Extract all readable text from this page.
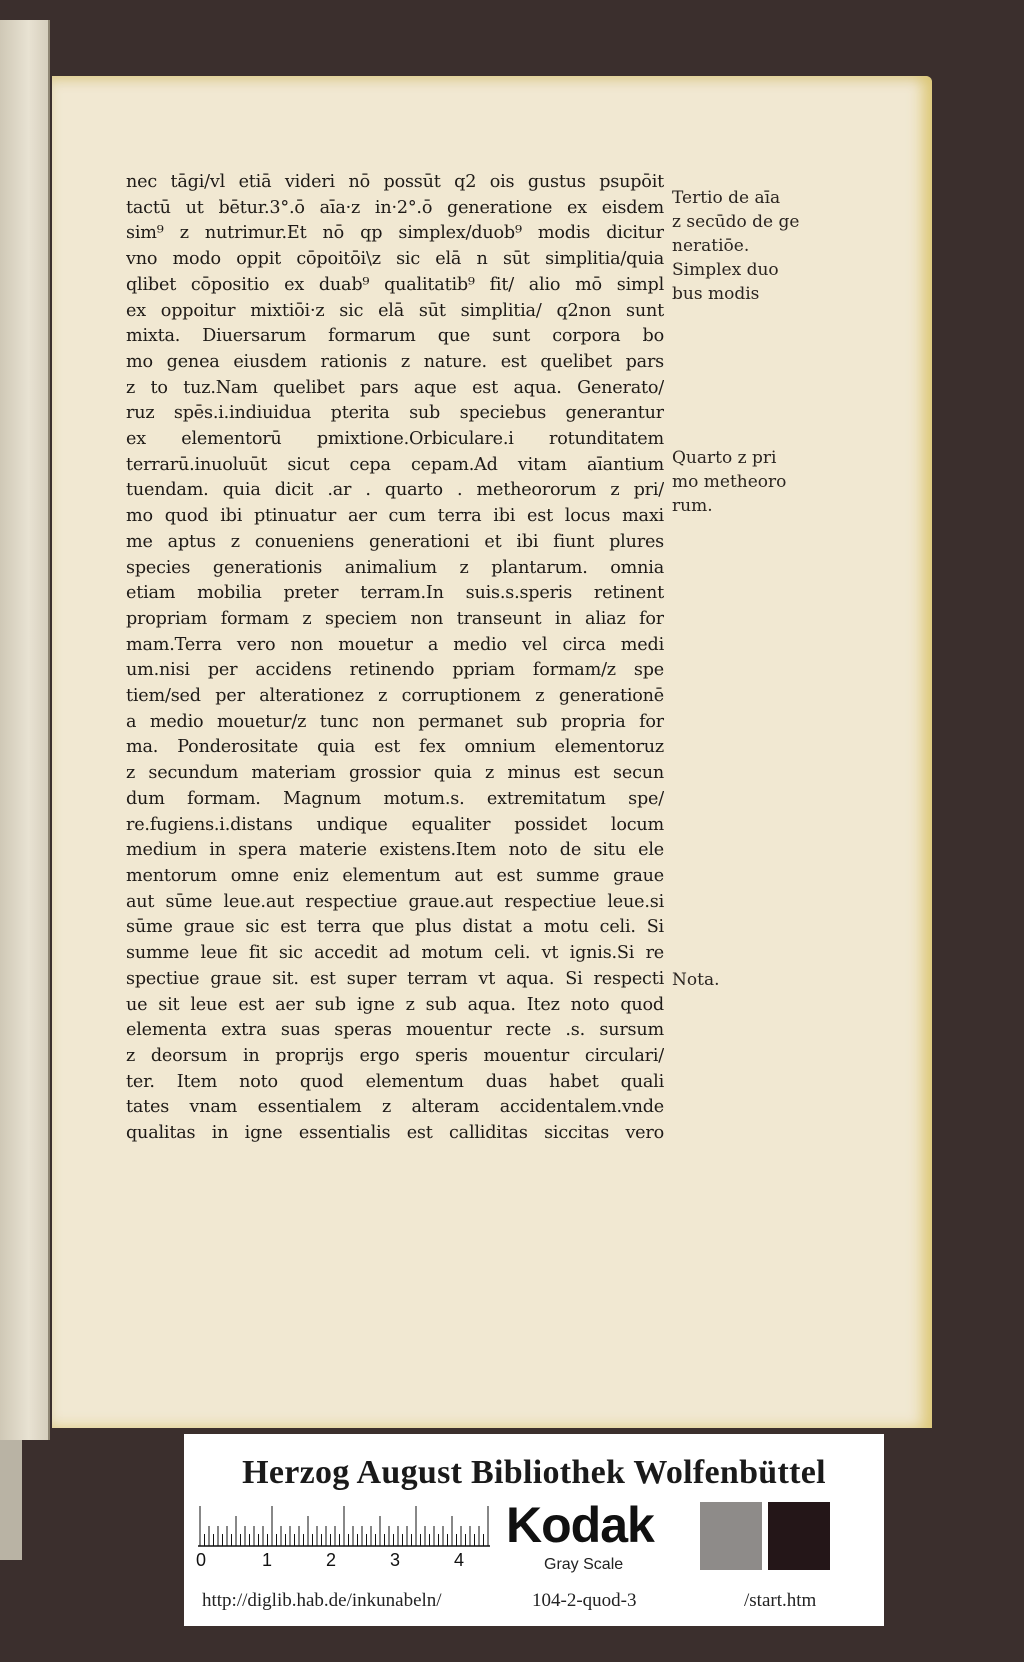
nec tāgi/vl etiā videri nō possūt q2 ois gustus psupōit
tactū ut bētur.3°.ō aīa·z in·2°.ō generatione ex eisdem
sim⁹ z nutrimur.Et nō qp simplex/duob⁹ modis dicitur
vno modo oppit cōpoitōi\z sic elā n sūt simplitia/quia
qlibet cōpositio ex duab⁹ qualitatib⁹ fit/ alio mō simpl
ex oppoitur mixtiōi·z sic elā sūt simplitia/ q2non sunt
mixta. Diuersarum formarum que sunt corpora bo
mo genea eiusdem rationis z nature. est quelibet pars
z to tuz.Nam quelibet pars aque est aqua. Generato/
ruz spēs.i.indiuidua pterita sub speciebus generantur
ex elementorū pmixtione.Orbiculare.i rotunditatem
terrarū.inuoluūt sicut cepa cepam.Ad vitam aīantium
tuendam. quia dicit .ar . quarto . metheororum z pri/
mo quod ibi ptinuatur aer cum terra ibi est locus maxi
me aptus z conueniens generationi et ibi fiunt plures
species generationis animalium z plantarum. omnia
etiam mobilia preter terram.In suis.s.speris retinent
propriam formam z speciem non transeunt in aliaz for
mam.Terra vero non mouetur a medio vel circa medi
um.nisi per accidens retinendo ppriam formam/z spe
tiem/sed per alterationez z corruptionem z generationē
a medio mouetur/z tunc non permanet sub propria for
ma. Ponderositate quia est fex omnium elementoruz
z secundum materiam grossior quia z minus est secun
dum formam. Magnum motum.s. extremitatum spe/
re.fugiens.i.distans undique equaliter possidet locum
medium in spera materie existens.Item noto de situ ele
mentorum omne eniz elementum aut est summe graue
aut sūme leue.aut respectiue graue.aut respectiue leue.si
sūme graue sic est terra que plus distat a motu celi. Si
summe leue fit sic accedit ad motum celi. vt ignis.Si re
spectiue graue sit. est super terram vt aqua. Si respecti
ue sit leue est aer sub igne z sub aqua. Itez noto quod
elementa extra suas speras mouentur recte .s. sursum
z deorsum in proprijs ergo speris mouentur circulari/
ter. Item noto quod elementum duas habet quali
tates vnam essentialem z alteram accidentalem.vnde
qualitas in igne essentialis est calliditas siccitas vero
Tertio de aīa
z secūdo de ge
neratiōe.
Simplex duo
bus modis
Quarto z pri
mo metheoro
rum.
Nota.
Herzog August Bibliothek Wolfenbüttel
0	1	2	3	4
Kodak
Gray Scale
http://diglib.hab.de/inkunabeln/	104-2-quod-3	/start.htm
